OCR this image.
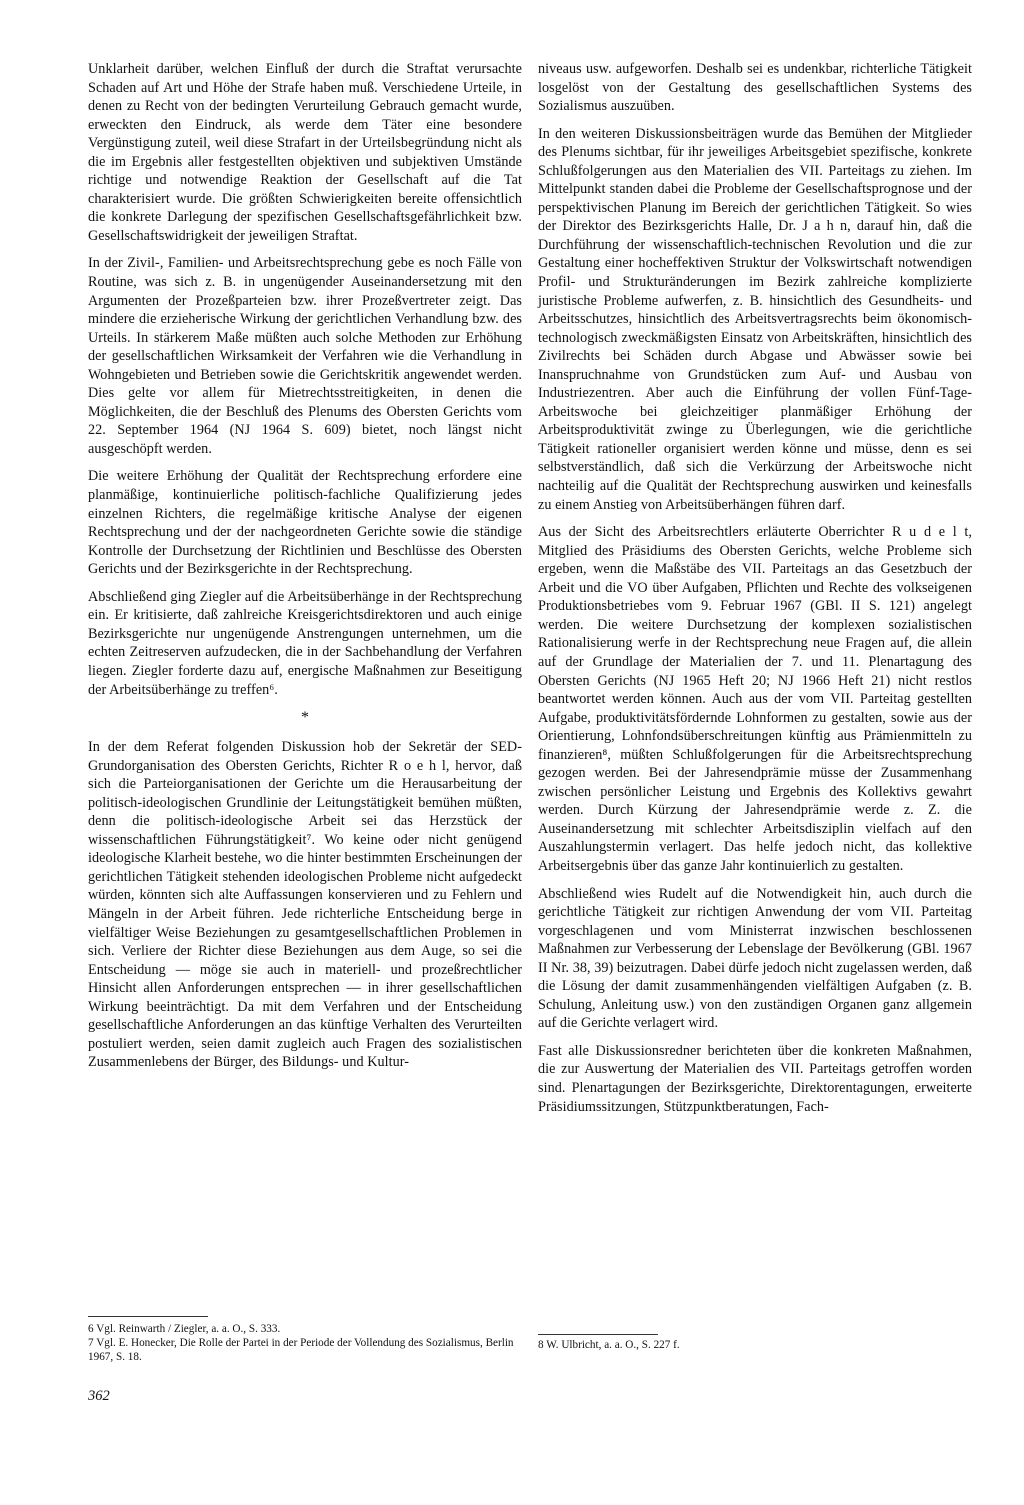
Unklarheit darüber, welchen Einfluß der durch die Straftat verursachte Schaden auf Art und Höhe der Strafe haben muß. Verschiedene Urteile, in denen zu Recht von der bedingten Verurteilung Gebrauch gemacht wurde, erweckten den Eindruck, als werde dem Täter eine besondere Vergünstigung zuteil, weil diese Strafart in der Urteilsbegründung nicht als die im Ergebnis aller festgestellten objektiven und subjektiven Umstände richtige und notwendige Reaktion der Gesellschaft auf die Tat charakterisiert wurde. Die größten Schwierigkeiten bereite offensichtlich die konkrete Darlegung der spezifischen Gesellschaftsgefährlichkeit bzw. Gesellschaftswidrigkeit der jeweiligen Straftat.

In der Zivil-, Familien- und Arbeitsrechtsprechung gebe es noch Fälle von Routine, was sich z. B. in ungenügender Auseinandersetzung mit den Argumenten der Prozeßparteien bzw. ihrer Prozeßvertreter zeigt. Das mindere die erzieherische Wirkung der gerichtlichen Verhandlung bzw. des Urteils. In stärkerem Maße müßten auch solche Methoden zur Erhöhung der gesellschaftlichen Wirksamkeit der Verfahren wie die Verhandlung in Wohngebieten und Betrieben sowie die Gerichtskritik angewendet werden. Dies gelte vor allem für Mietrechtsstreitigkeiten, in denen die Möglichkeiten, die der Beschluß des Plenums des Obersten Gerichts vom 22. September 1964 (NJ 1964 S. 609) bietet, noch längst nicht ausgeschöpft werden.

Die weitere Erhöhung der Qualität der Rechtsprechung erfordere eine planmäßige, kontinuierliche politisch-fachliche Qualifizierung jedes einzelnen Richters, die regelmäßige kritische Analyse der eigenen Rechtsprechung und der der nachgeordneten Gerichte sowie die ständige Kontrolle der Durchsetzung der Richtlinien und Beschlüsse des Obersten Gerichts und der Bezirksgerichte in der Rechtsprechung.

Abschließend ging Ziegler auf die Arbeitsüberhänge in der Rechtsprechung ein. Er kritisierte, daß zahlreiche Kreisgerichtsdirektoren und auch einige Bezirksgerichte nur ungenügende Anstrengungen unternehmen, um die echten Zeitreserven aufzudecken, die in der Sachbehandlung der Verfahren liegen. Ziegler forderte dazu auf, energische Maßnahmen zur Beseitigung der Arbeitsüberhänge zu treffen⁶.

*

In der dem Referat folgenden Diskussion hob der Sekretär der SED-Grundorganisation des Obersten Gerichts, Richter R o e h l, hervor, daß sich die Parteiorganisationen der Gerichte um die Herausarbeitung der politisch-ideologischen Grundlinie der Leitungstätigkeit bemühen müßten, denn die politisch-ideologische Arbeit sei das Herzstück der wissenschaftlichen Führungstätigkeit⁷. Wo keine oder nicht genügend ideologische Klarheit bestehe, wo die hinter bestimmten Erscheinungen der gerichtlichen Tätigkeit stehenden ideologischen Probleme nicht aufgedeckt würden, könnten sich alte Auffassungen konservieren und zu Fehlern und Mängeln in der Arbeit führen. Jede richterliche Entscheidung berge in vielfältiger Weise Beziehungen zu gesamtgesellschaftlichen Problemen in sich. Verliere der Richter diese Beziehungen aus dem Auge, so sei die Entscheidung — möge sie auch in materiell- und prozeßrechtlicher Hinsicht allen Anforderungen entsprechen — in ihrer gesellschaftlichen Wirkung beeinträchtigt. Da mit dem Verfahren und der Entscheidung gesellschaftliche Anforderungen an das künftige Verhalten des Verurteilten postuliert werden, seien damit zugleich auch Fragen des sozialistischen Zusammenlebens der Bürger, des Bildungs- und Kultur-

6 Vgl. Reinwarth / Ziegler, a. a. O., S. 333.

7 Vgl. E. Honecker, Die Rolle der Partei in der Periode der Vollendung des Sozialismus, Berlin 1967, S. 18.

niveaus usw. aufgeworfen. Deshalb sei es undenkbar, richterliche Tätigkeit losgelöst von der Gestaltung des gesellschaftlichen Systems des Sozialismus auszuüben.

In den weiteren Diskussionsbeiträgen wurde das Bemühen der Mitglieder des Plenums sichtbar, für ihr jeweiliges Arbeitsgebiet spezifische, konkrete Schlußfolgerungen aus den Materialien des VII. Parteitags zu ziehen. Im Mittelpunkt standen dabei die Probleme der Gesellschaftsprognose und der perspektivischen Planung im Bereich der gerichtlichen Tätigkeit. So wies der Direktor des Bezirksgerichts Halle, Dr. J a h n, darauf hin, daß die Durchführung der wissenschaftlich-technischen Revolution und die zur Gestaltung einer hocheffektiven Struktur der Volkswirtschaft notwendigen Profil- und Strukturänderungen im Bezirk zahlreiche komplizierte juristische Probleme aufwerfen, z. B. hinsichtlich des Gesundheits- und Arbeitsschutzes, hinsichtlich des Arbeitsvertragsrechts beim ökonomisch-technologisch zweckmäßigsten Einsatz von Arbeitskräften, hinsichtlich des Zivilrechts bei Schäden durch Abgase und Abwässer sowie bei Inanspruchnahme von Grundstücken zum Auf- und Ausbau von Industriezentren. Aber auch die Einführung der vollen Fünf-Tage-Arbeitswoche bei gleichzeitiger planmäßiger Erhöhung der Arbeitsproduktivität zwinge zu Überlegungen, wie die gerichtliche Tätigkeit rationeller organisiert werden könne und müsse, denn es sei selbstverständlich, daß sich die Verkürzung der Arbeitswoche nicht nachteilig auf die Qualität der Rechtsprechung auswirken und keinesfalls zu einem Anstieg von Arbeitsüberhängen führen darf.

Aus der Sicht des Arbeitsrechtlers erläuterte Oberrichter R u d e l t, Mitglied des Präsidiums des Obersten Gerichts, welche Probleme sich ergeben, wenn die Maßstäbe des VII. Parteitags an das Gesetzbuch der Arbeit und die VO über Aufgaben, Pflichten und Rechte des volkseigenen Produktionsbetriebes vom 9. Februar 1967 (GBl. II S. 121) angelegt werden. Die weitere Durchsetzung der komplexen sozialistischen Rationalisierung werfe in der Rechtsprechung neue Fragen auf, die allein auf der Grundlage der Materialien der 7. und 11. Plenartagung des Obersten Gerichts (NJ 1965 Heft 20; NJ 1966 Heft 21) nicht restlos beantwortet werden können. Auch aus der vom VII. Parteitag gestellten Aufgabe, produktivitätsfördernde Lohnformen zu gestalten, sowie aus der Orientierung, Lohnfondsüberschreitungen künftig aus Prämienmitteln zu finanzieren⁸, müßten Schlußfolgerungen für die Arbeitsrechtsprechung gezogen werden. Bei der Jahresendprämie müsse der Zusammenhang zwischen persönlicher Leistung und Ergebnis des Kollektivs gewahrt werden. Durch Kürzung der Jahresendprämie werde z. Z. die Auseinandersetzung mit schlechter Arbeitsdisziplin vielfach auf den Auszahlungstermin verlagert. Das helfe jedoch nicht, das kollektive Arbeitsergebnis über das ganze Jahr kontinuierlich zu gestalten.

Abschließend wies Rudelt auf die Notwendigkeit hin, auch durch die gerichtliche Tätigkeit zur richtigen Anwendung der vom VII. Parteitag vorgeschlagenen und vom Ministerrat inzwischen beschlossenen Maßnahmen zur Verbesserung der Lebenslage der Bevölkerung (GBl. 1967 II Nr. 38, 39) beizutragen. Dabei dürfe jedoch nicht zugelassen werden, daß die Lösung der damit zusammenhängenden vielfältigen Aufgaben (z. B. Schulung, Anleitung usw.) von den zuständigen Organen ganz allgemein auf die Gerichte verlagert wird.

Fast alle Diskussionsredner berichteten über die konkreten Maßnahmen, die zur Auswertung der Materialien des VII. Parteitags getroffen worden sind. Plenartagungen der Bezirksgerichte, Direktorentagungen, erweiterte Präsidiumssitzungen, Stützpunktberatungen, Fach-

8 W. Ulbricht, a. a. O., S. 227 f.

362
